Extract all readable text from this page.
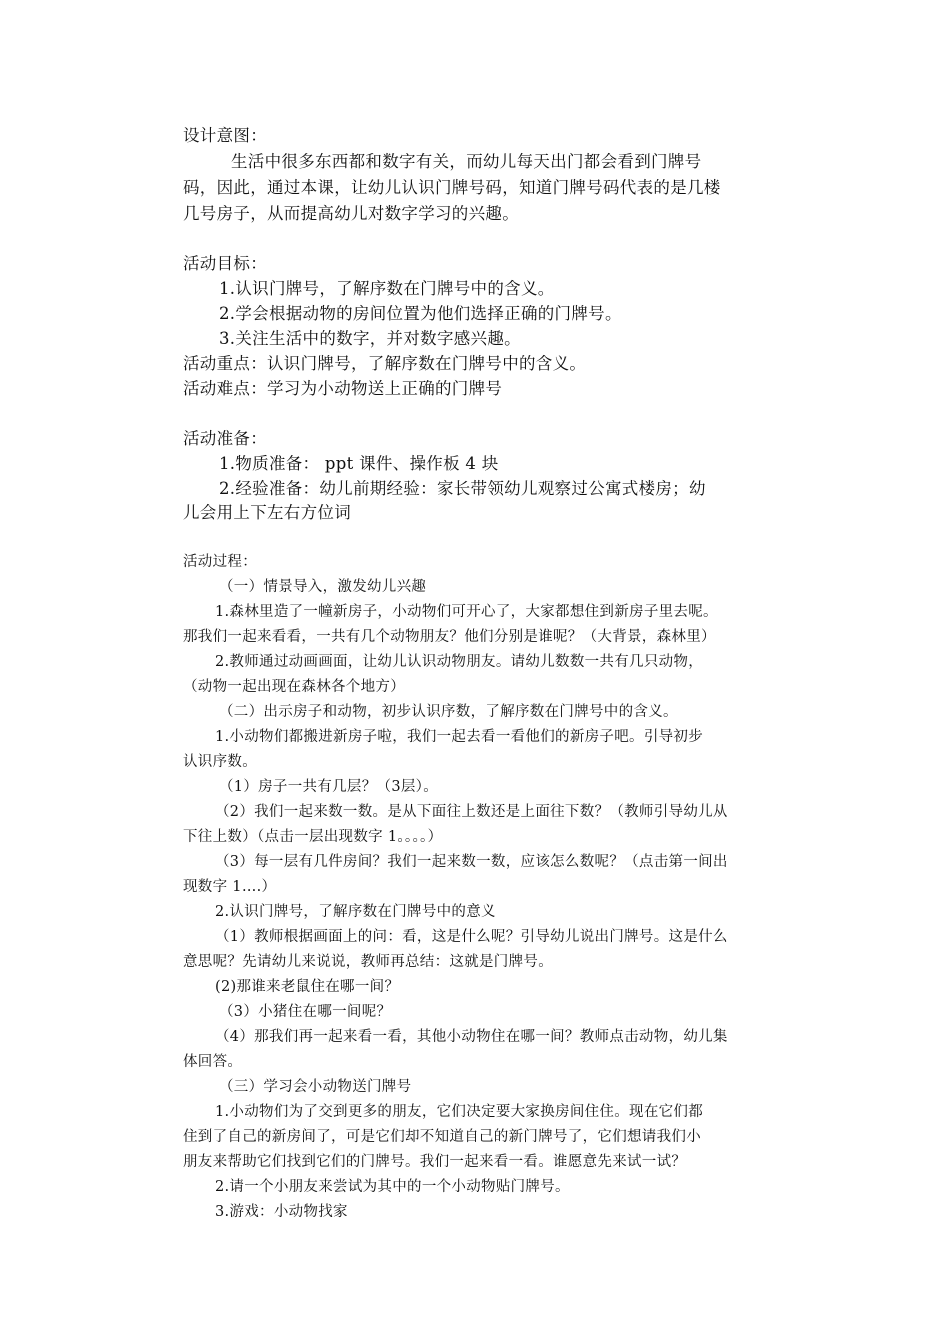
设计意图：
生活中很多东西都和数字有关，而幼儿每天出门都会看到门牌号
码，因此，通过本课，让幼儿认识门牌号码，知道门牌号码代表的是几楼
几号房子，从而提高幼儿对数字学习的兴趣。
活动目标：
1.认识门牌号，了解序数在门牌号中的含义。
2.学会根据动物的房间位置为他们选择正确的门牌号。
3.关注生活中的数字，并对数字感兴趣。
活动重点：认识门牌号，了解序数在门牌号中的含义。
活动难点：学习为小动物送上正确的门牌号
活动准备：
1.物质准备： ppt 课件、操作板 4 块
2.经验准备：幼儿前期经验：家长带领幼儿观察过公寓式楼房；幼
儿会用上下左右方位词
活动过程：
（一）情景导入，激发幼儿兴趣
1.森林里造了一幢新房子，小动物们可开心了，大家都想住到新房子里去呢。
那我们一起来看看，一共有几个动物朋友？他们分别是谁呢？（大背景，森林里）
2.教师通过动画画面，让幼儿认识动物朋友。请幼儿数数一共有几只动物，
（动物一起出现在森林各个地方）
（二）出示房子和动物，初步认识序数，了解序数在门牌号中的含义。
1.小动物们都搬进新房子啦，我们一起去看一看他们的新房子吧。引导初步
认识序数。
（1）房子一共有几层？（3层）。
（2）我们一起来数一数。是从下面往上数还是上面往下数？（教师引导幼儿从
下往上数）（点击一层出现数字 1。。。。）
（3）每一层有几件房间？我们一起来数一数，应该怎么数呢？（点击第一间出
现数字 1….）
2.认识门牌号，了解序数在门牌号中的意义
（1）教师根据画面上的问：看，这是什么呢？引导幼儿说出门牌号。这是什么
意思呢？先请幼儿来说说，教师再总结：这就是门牌号。
(2)那谁来老鼠住在哪一间？
（3）小猪住在哪一间呢？
（4）那我们再一起来看一看，其他小动物住在哪一间？教师点击动物，幼儿集
体回答。
（三）学习会小动物送门牌号
1.小动物们为了交到更多的朋友，它们决定要大家换房间住住。现在它们都
住到了自己的新房间了，可是它们却不知道自己的新门牌号了，它们想请我们小
朋友来帮助它们找到它们的门牌号。我们一起来看一看。谁愿意先来试一试？
2.请一个小朋友来尝试为其中的一个小动物贴门牌号。
3.游戏：小动物找家
